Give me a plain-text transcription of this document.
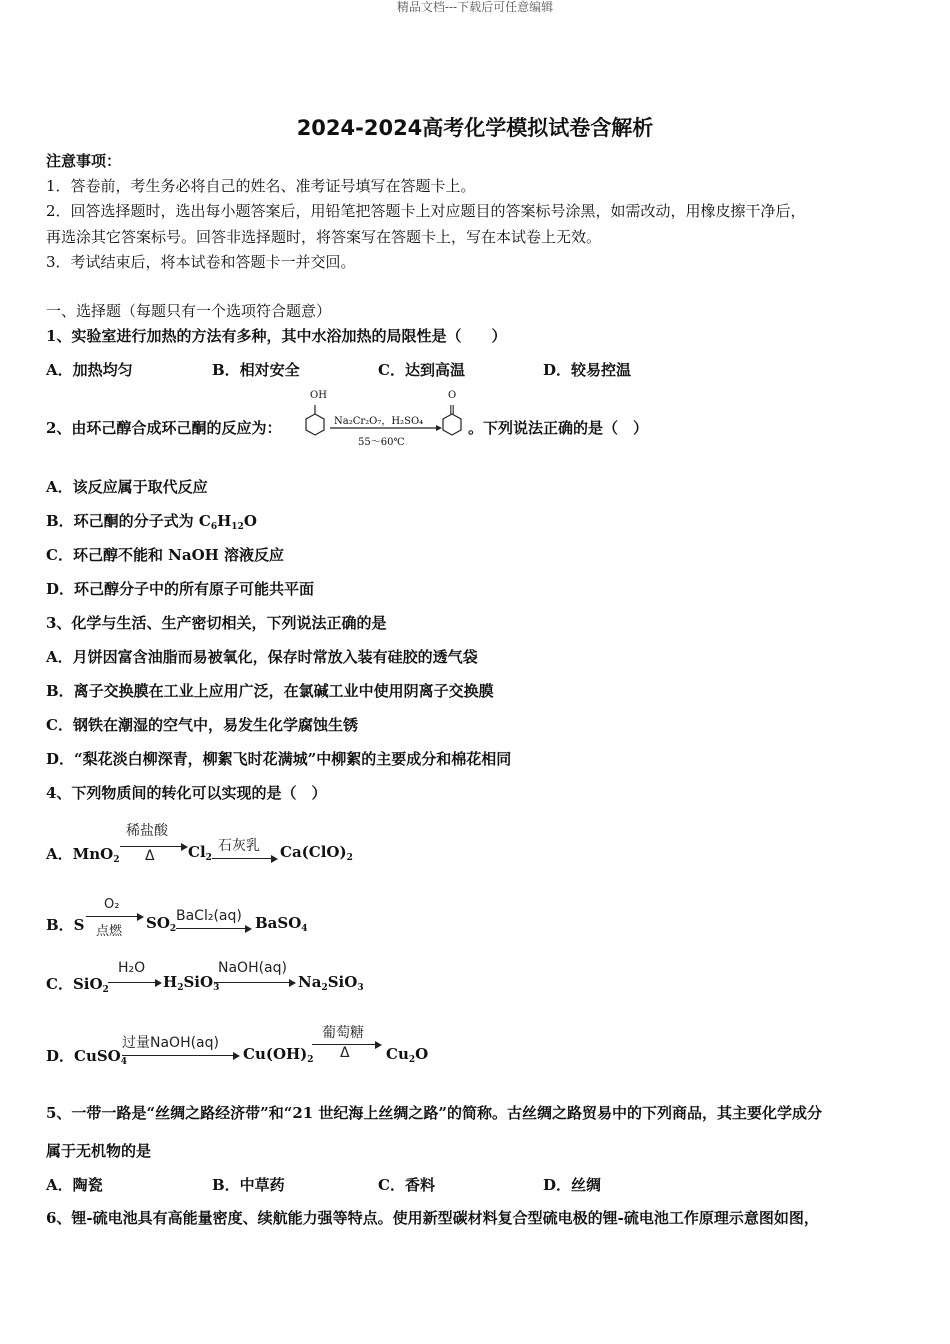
精品文档---下载后可任意编辑
2024-2024高考化学模拟试卷含解析
注意事项：
1．答卷前，考生务必将自己的姓名、准考证号填写在答题卡上。
2．回答选择题时，选出每小题答案后，用铅笔把答题卡上对应题目的答案标号涂黑，如需改动，用橡皮擦干净后，
再选涂其它答案标号。回答非选择题时，将答案写在答题卡上，写在本试卷上无效。
3．考试结束后，将本试卷和答题卡一并交回。
一、选择题（每题只有一个选项符合题意）
1、实验室进行加热的方法有多种，其中水浴加热的局限性是（　　）
A．加热均匀	B．相对安全	C．达到高温	D．较易控温
2、由环己醇合成环己酮的反应为：
OH	O
Na₂Cr₂O₇，H₂SO₄
55～60℃
。下列说法正确的是（　）
A．该反应属于取代反应
B．环己酮的分子式为 $C_6H_{12}O$
C．环己醇不能和 NaOH 溶液反应
D．环己醇分子中的所有原子可能共平面
3、化学与生活、生产密切相关，下列说法正确的是
A．月饼因富含油脂而易被氧化，保存时常放入装有硅胶的透气袋
B．离子交换膜在工业上应用广泛，在氯碱工业中使用阴离子交换膜
C．钢铁在潮湿的空气中，易发生化学腐蚀生锈
D．“梨花淡白柳深青，柳絮飞时花满城”中柳絮的主要成分和棉花相同
4、下列物质间的转化可以实现的是（　）
A．MnO$_2$
稀盐酸
Δ $Cl_2$
石灰乳 $Ca(ClO)_2$
B．S
O₂
点燃 $SO_2$
BaCl₂(aq) BaSO$_4$
C．SiO$_2$
H₂O
$H_2SiO_3$
NaOH(aq)
$Na_2SiO_3$
D．CuSO$_4$
过量NaOH(aq)
$Cu(OH)_2$
葡萄糖
Δ $Cu_2O$
5、一带一路是“丝绸之路经济带”和“21 世纪海上丝绸之路”的简称。古丝绸之路贸易中的下列商品，其主要化学成分
属于无机物的是
A．陶瓷	B．中草药	C．香料	D．丝绸
6、锂-硫电池具有高能量密度、续航能力强等特点。使用新型碳材料复合型硫电极的锂-硫电池工作原理示意图如图，
